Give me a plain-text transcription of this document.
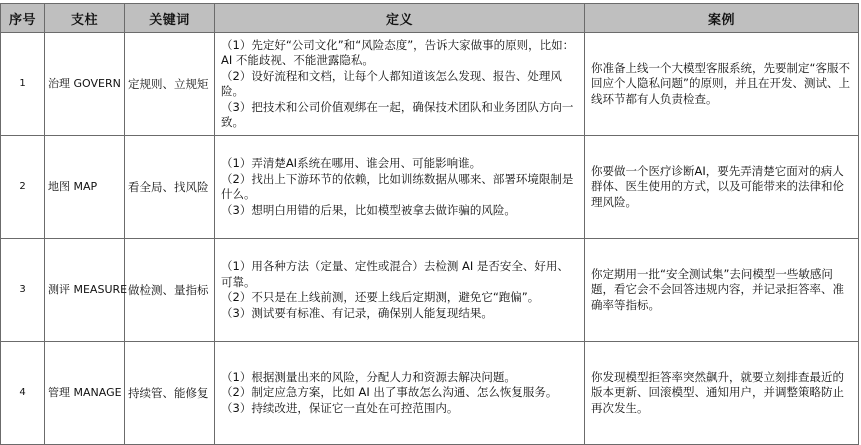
序号	支柱	关键词	定义	案例
1	治理 GOVERN	定规则、立规矩	（1）先定好“公司文化”和“风险态度”，告诉大家做事的原则，比如：AI 不能歧视、不能泄露隐私。
（2）设好流程和文档，让每个人都知道该怎么发现、报告、处理风险。
（3）把技术和公司价值观绑在一起，确保技术团队和业务团队方向一致。	你准备上线一个大模型客服系统，先要制定“客服不回应个人隐私问题”的原则，并且在开发、测试、上线环节都有人负责检查。
2	地图 MAP	看全局、找风险	（1）弄清楚AI系统在哪用、谁会用、可能影响谁。
（2）找出上下游环节的依赖，比如训练数据从哪来、部署环境限制是什么。
（3）想明白用错的后果，比如模型被拿去做诈骗的风险。	你要做一个医疗诊断AI，要先弄清楚它面对的病人群体、医生使用的方式，以及可能带来的法律和伦理风险。
3	测评 MEASURE	做检测、量指标	（1）用各种方法（定量、定性或混合）去检测 AI 是否安全、好用、可靠。
（2）不只是在上线前测，还要上线后定期测，避免它“跑偏”。
（3）测试要有标准、有记录，确保别人能复现结果。	你定期用一批“安全测试集”去问模型一些敏感问题，看它会不会回答违规内容，并记录拒答率、准确率等指标。
4	管理 MANAGE	持续管、能修复	（1）根据测量出来的风险，分配人力和资源去解决问题。
（2）制定应急方案，比如 AI 出了事故怎么沟通、怎么恢复服务。
（3）持续改进，保证它一直处在可控范围内。	你发现模型拒答率突然飙升，就要立刻排查最近的版本更新、回滚模型、通知用户，并调整策略防止再次发生。
